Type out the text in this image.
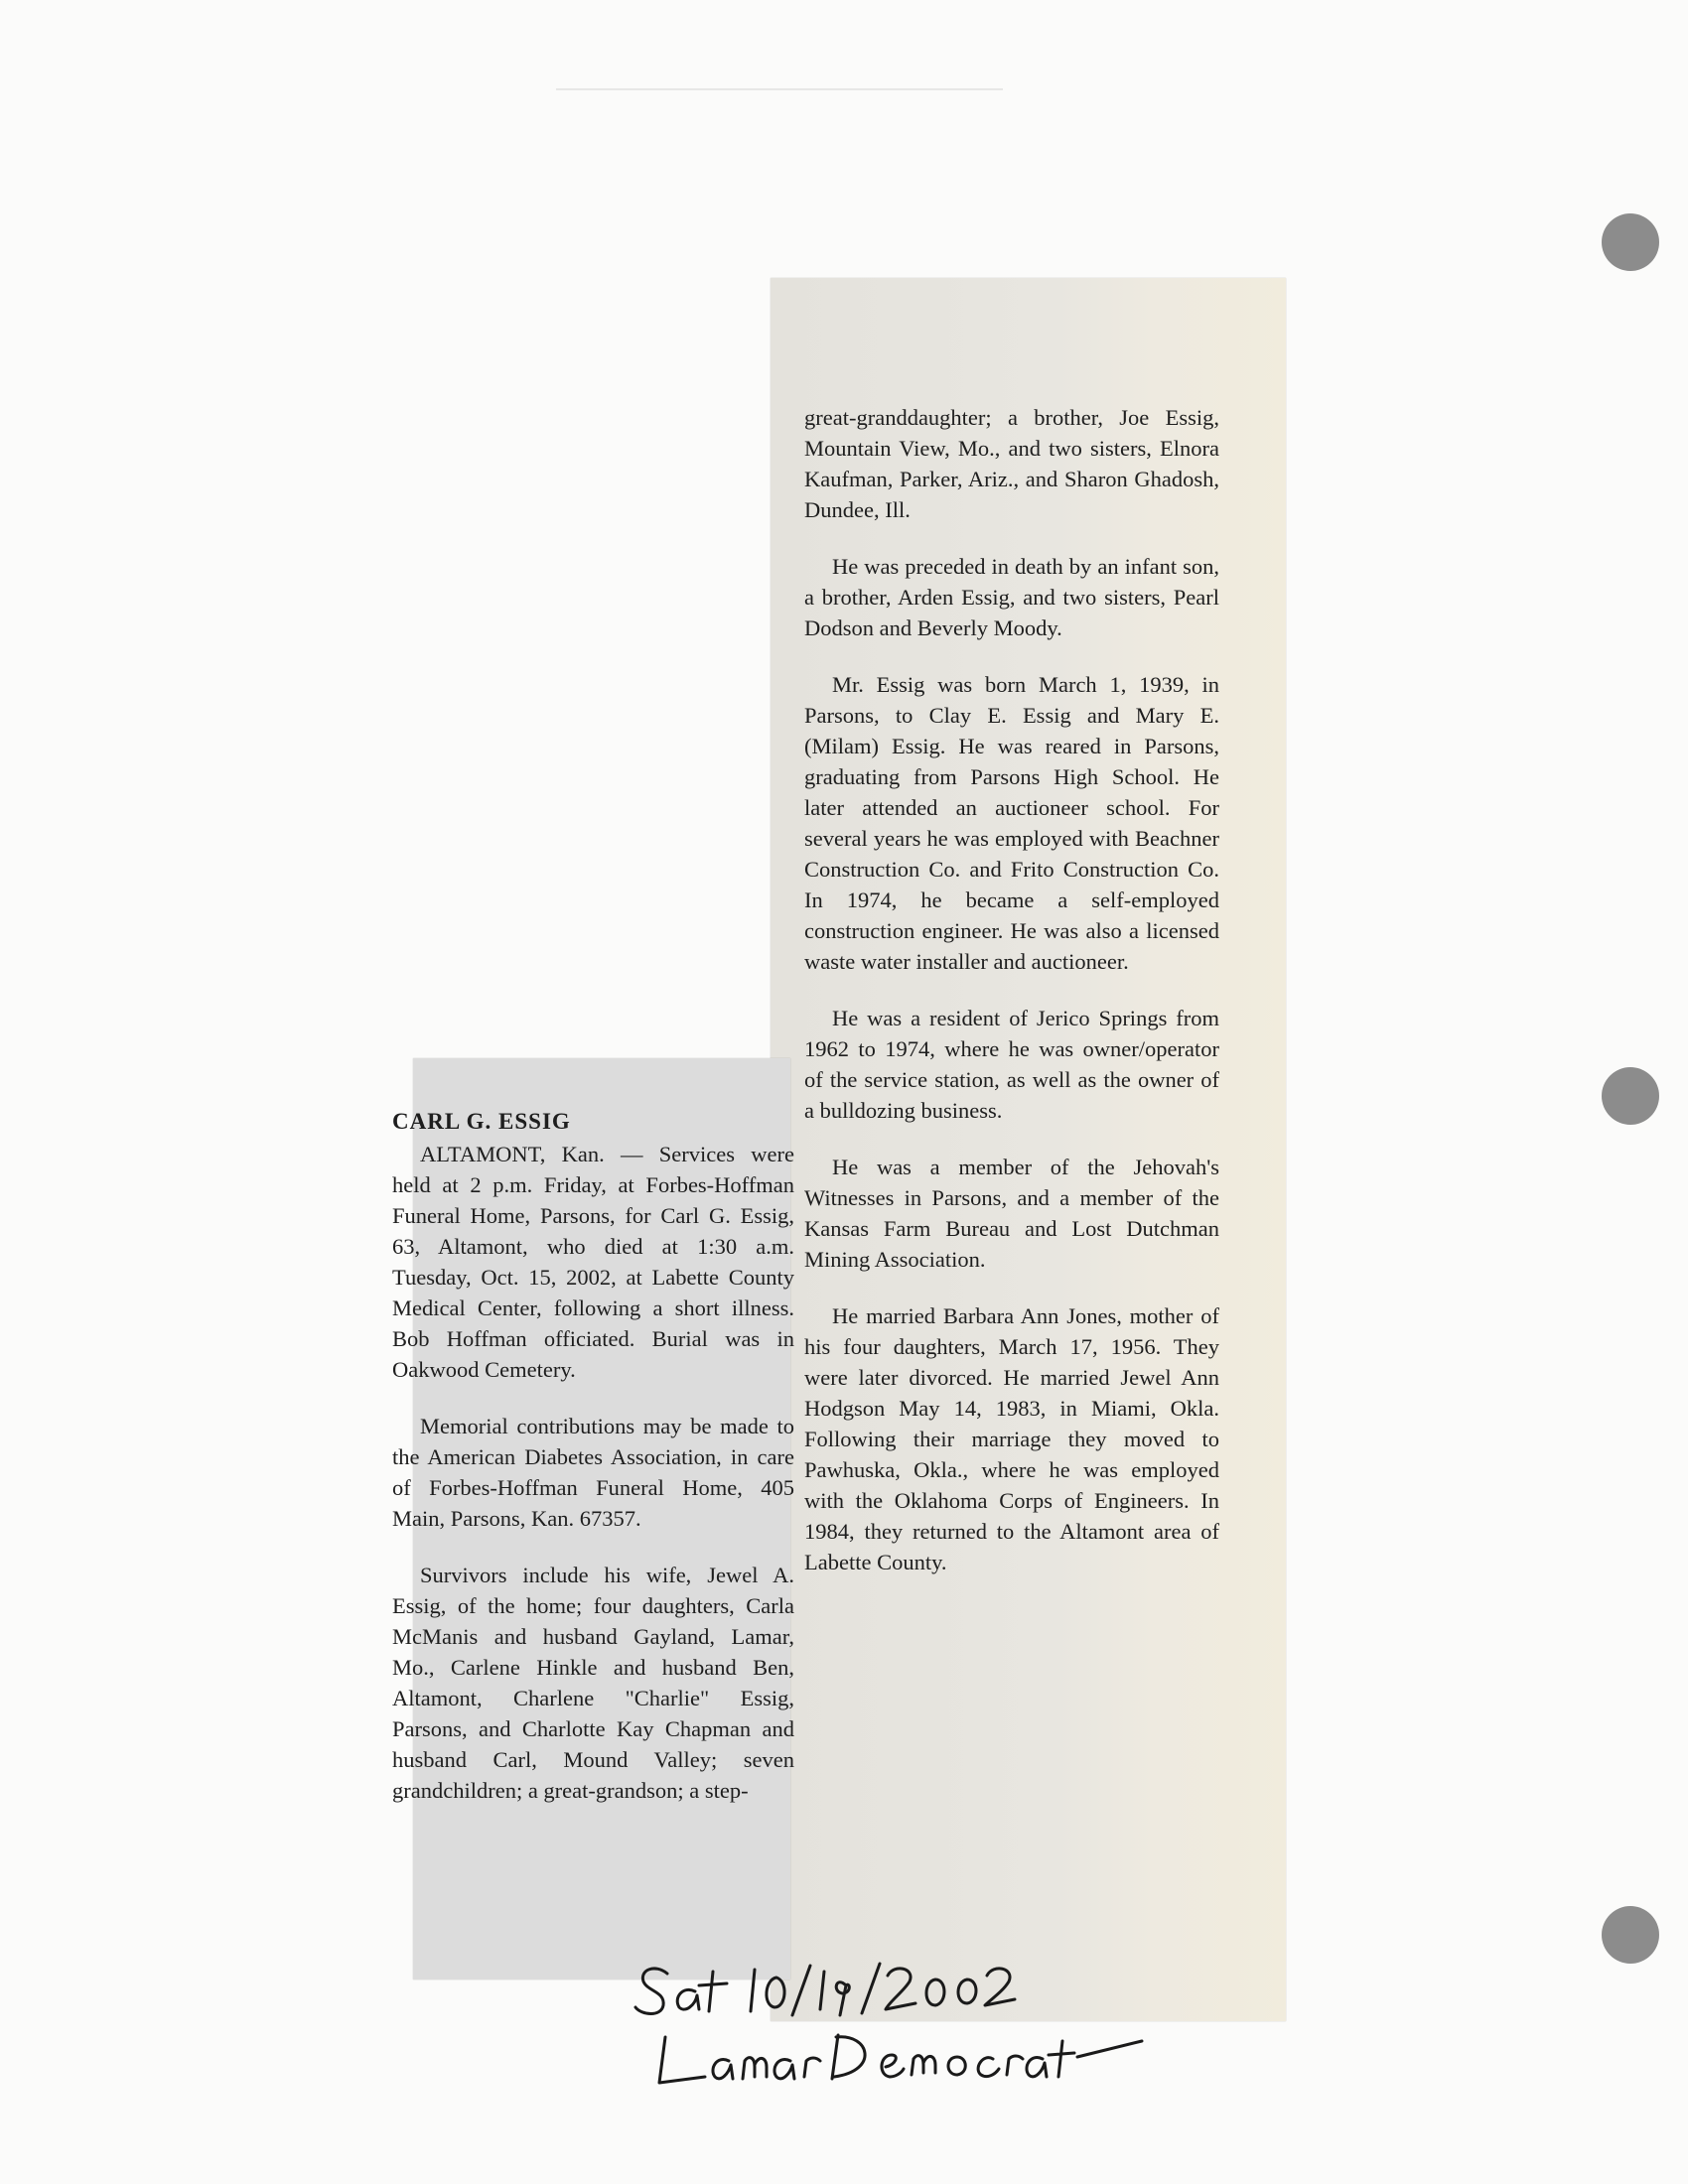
great-granddaughter; a brother, Joe Essig, Mountain View, Mo., and two sisters, Elnora Kaufman, Parker, Ariz., and Sharon Ghadosh, Dundee, Ill.

He was preceded in death by an infant son, a brother, Arden Essig, and two sisters, Pearl Dodson and Beverly Moody.

Mr. Essig was born March 1, 1939, in Parsons, to Clay E. Essig and Mary E. (Milam) Essig. He was reared in Parsons, graduating from Parsons High School. He later attended an auctioneer school. For several years he was employed with Beachner Construction Co. and Frito Construction Co. In 1974, he became a self-employed construction engineer. He was also a licensed waste water installer and auctioneer.

He was a resident of Jerico Springs from 1962 to 1974, where he was owner/operator of the service station, as well as the owner of a bulldozing business.

He was a member of the Jehovah's Witnesses in Parsons, and a member of the Kansas Farm Bureau and Lost Dutchman Mining Association.

He married Barbara Ann Jones, mother of his four daughters, March 17, 1956. They were later divorced. He married Jewel Ann Hodgson May 14, 1983, in Miami, Okla. Following their marriage they moved to Pawhuska, Okla., where he was employed with the Oklahoma Corps of Engineers. In 1984, they returned to the Altamont area of Labette County.

CARL G. ESSIG

ALTAMONT, Kan. — Services were held at 2 p.m. Friday, at Forbes-Hoffman Funeral Home, Parsons, for Carl G. Essig, 63, Altamont, who died at 1:30 a.m. Tuesday, Oct. 15, 2002, at Labette County Medical Center, following a short illness. Bob Hoffman officiated. Burial was in Oakwood Cemetery.

Memorial contributions may be made to the American Diabetes Association, in care of Forbes-Hoffman Funeral Home, 405 Main, Parsons, Kan. 67357.

Survivors include his wife, Jewel A. Essig, of the home; four daughters, Carla McManis and husband Gayland, Lamar, Mo., Carlene Hinkle and husband Ben, Altamont, Charlene "Charlie" Essig, Parsons, and Charlotte Kay Chapman and husband Carl, Mound Valley; seven grandchildren; a great-grandson; a step-
